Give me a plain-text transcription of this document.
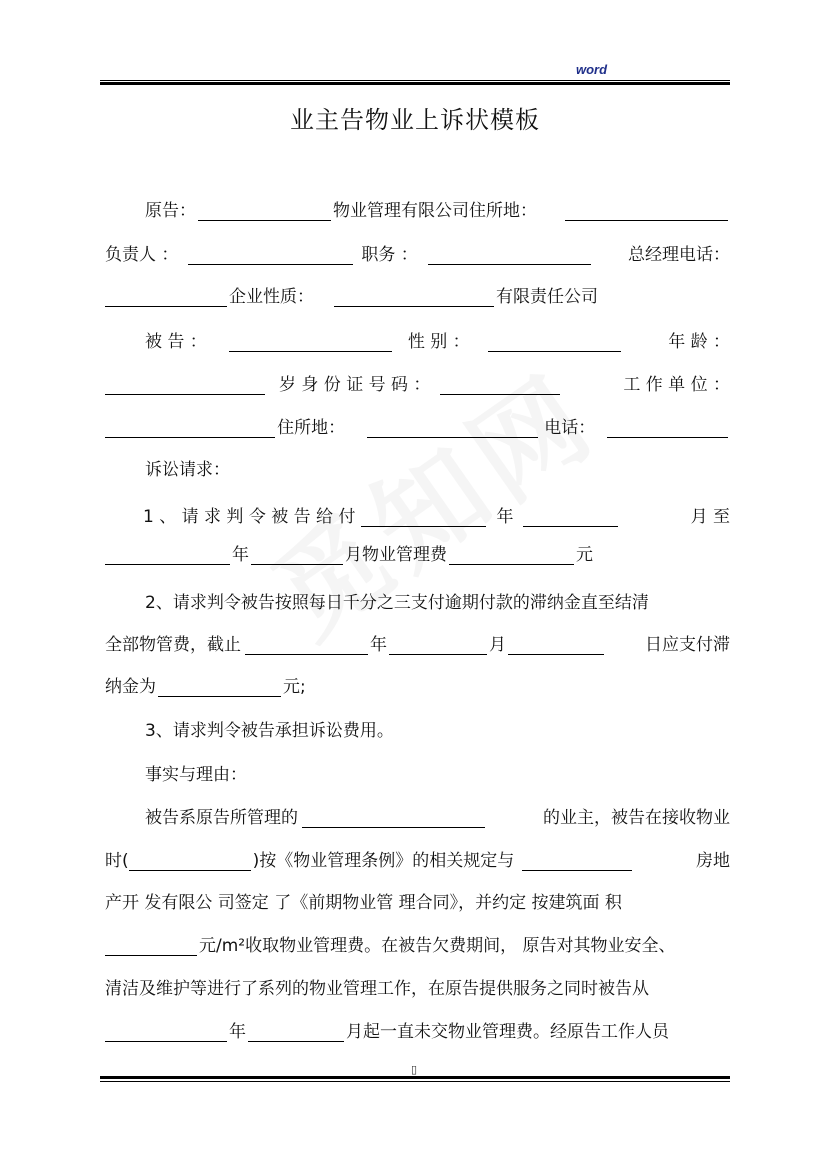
word
业主告物业上诉状模板
原告：	物业管理有限公司住所地：
负责人 ：	职务 ：	总经理电话：
企业性质：	有限责任公司
被 告 ：	性 别 ：	年 龄 ：
岁 身 份 证 号 码 ：	工 作 单 位 ：
住所地：	电话：
诉讼请求：
1 、 请 求 判 令 被 告 给 付	年	月 至
年	月物业管理费	元
2、请求判令被告按照每日千分之三支付逾期付款的滞纳金直至结清
全部物管费，截止	年	月	日应支付滞
纳金为	元;
3、请求判令被告承担诉讼费用。
事实与理由：
被告系原告所管理的	的业主，被告在接收物业
时(	)按《物业管理条例》的相关规定与	房地
产开 发有限公 司签定 了《前期物业管 理合同》，并约定 按建筑面 积
元/m²收取物业管理费。在被告欠费期间， 原告对其物业安全、
清洁及维护等进行了系列的物业管理工作，在原告提供服务之同时被告从
年	月起一直未交物业管理费。经原告工作人员
▯
